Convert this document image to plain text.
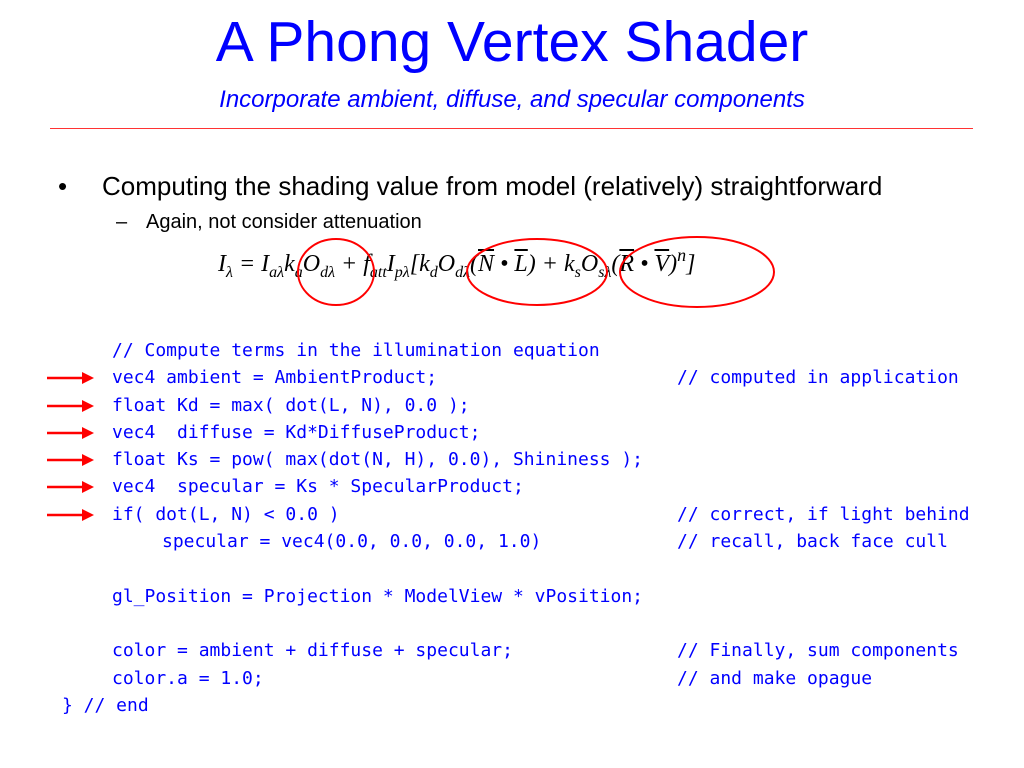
A Phong Vertex Shader
Incorporate ambient, diffuse, and specular components
• Computing the shading value from model (relatively) straightforward
– Again, not consider attenuation
$I_\lambda = I_{a\lambda}k_aO_{d\lambda} + f_{att}I_{p\lambda}[k_dO_{d\lambda}(\overline{N}$ • $\overline{L}) + k_sO_{s\lambda}(\overline{R}$ • $\overline{V})^n$]
// Compute terms in the illumination equation
vec4 ambient = AmbientProduct;	// computed in application
float Kd = max( dot(L, N), 0.0 );
vec4  diffuse = Kd*DiffuseProduct;
float Ks = pow( max(dot(N, H), 0.0), Shininess );
vec4  specular = Ks * SpecularProduct;
if( dot(L, N) < 0.0 )	// correct, if light behind
specular = vec4(0.0, 0.0, 0.0, 1.0)	// recall, back face cull
gl_Position = Projection * ModelView * vPosition;
color = ambient + diffuse + specular;	// Finally, sum components
color.a = 1.0;	// and make opague
} // end
